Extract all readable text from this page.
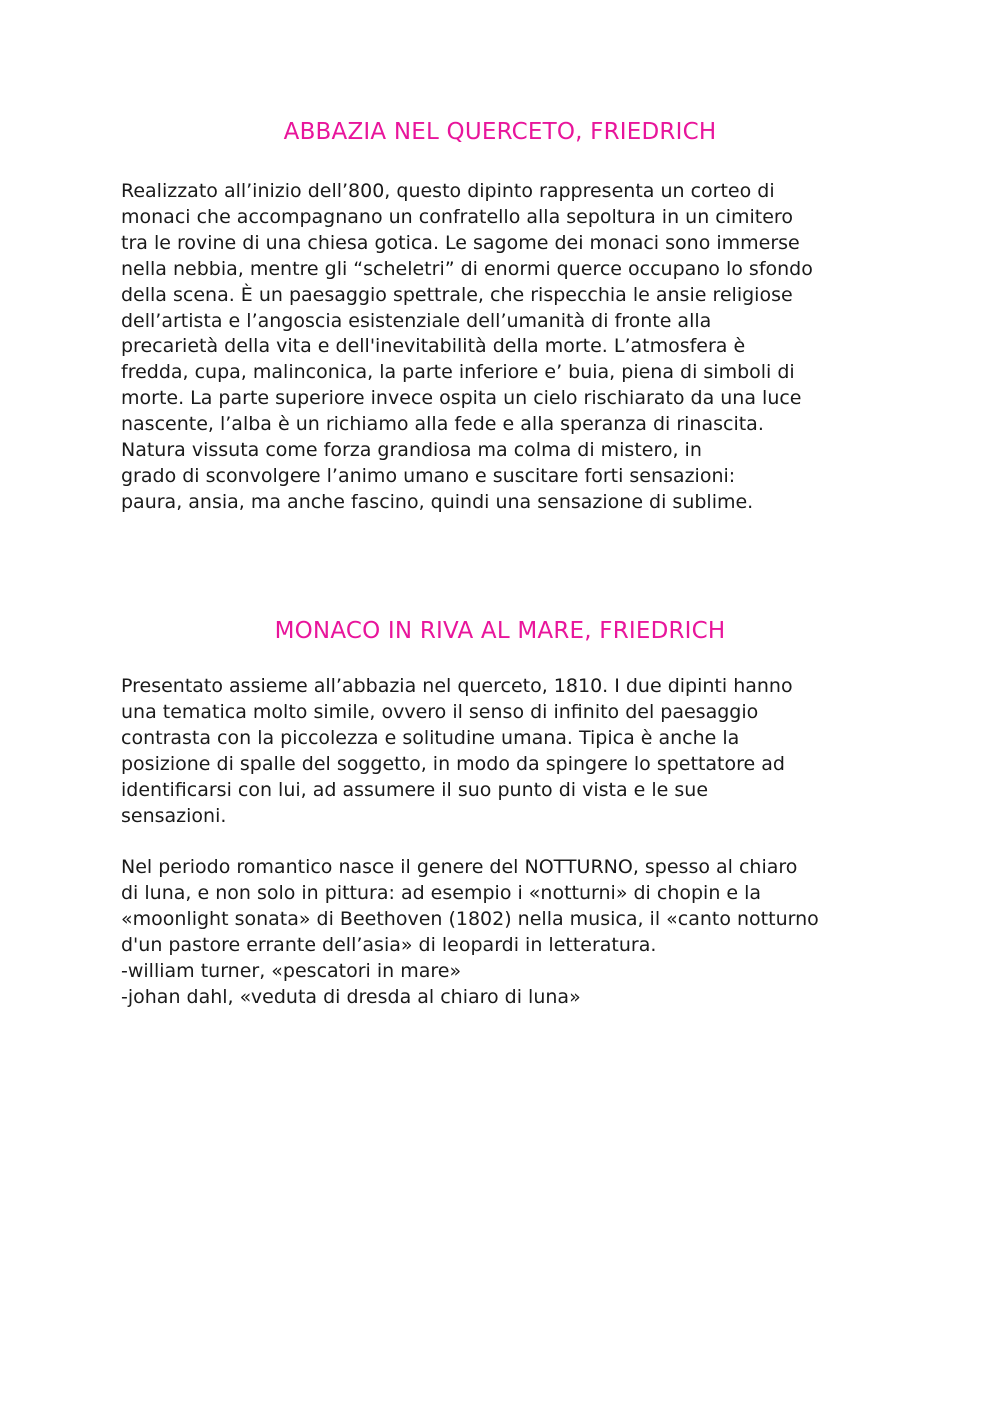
ABBAZIA NEL QUERCETO, FRIEDRICH
Realizzato all’inizio dell’800, questo dipinto rappresenta un corteo di
monaci che accompagnano un confratello alla sepoltura in un cimitero
tra le rovine di una chiesa gotica. Le sagome dei monaci sono immerse
nella nebbia, mentre gli “scheletri” di enormi querce occupano lo sfondo
della scena. È un paesaggio spettrale, che rispecchia le ansie religiose
dell’artista e l’angoscia esistenziale dell’umanità di fronte alla
precarietà della vita e dell'inevitabilità della morte. L’atmosfera è
fredda, cupa, malinconica, la parte inferiore e’ buia, piena di simboli di
morte. La parte superiore invece ospita un cielo rischiarato da una luce
nascente, l’alba è un richiamo alla fede e alla speranza di rinascita.
Natura vissuta come forza grandiosa ma colma di mistero, in
grado di sconvolgere l’animo umano e suscitare forti sensazioni:
paura, ansia, ma anche fascino, quindi una sensazione di sublime.
MONACO IN RIVA AL MARE, FRIEDRICH
Presentato assieme all’abbazia nel querceto, 1810. I due dipinti hanno
una tematica molto simile, ovvero il senso di infinito del paesaggio
contrasta con la piccolezza e solitudine umana. Tipica è anche la
posizione di spalle del soggetto, in modo da spingere lo spettatore ad
identificarsi con lui, ad assumere il suo punto di vista e le sue
sensazioni.
Nel periodo romantico nasce il genere del NOTTURNO, spesso al chiaro
di luna, e non solo in pittura: ad esempio i «notturni» di chopin e la
«moonlight sonata» di Beethoven (1802) nella musica, il «canto notturno
d'un pastore errante dell’asia» di leopardi in letteratura.
-william turner, «pescatori in mare»
-johan dahl, «veduta di dresda al chiaro di luna»
